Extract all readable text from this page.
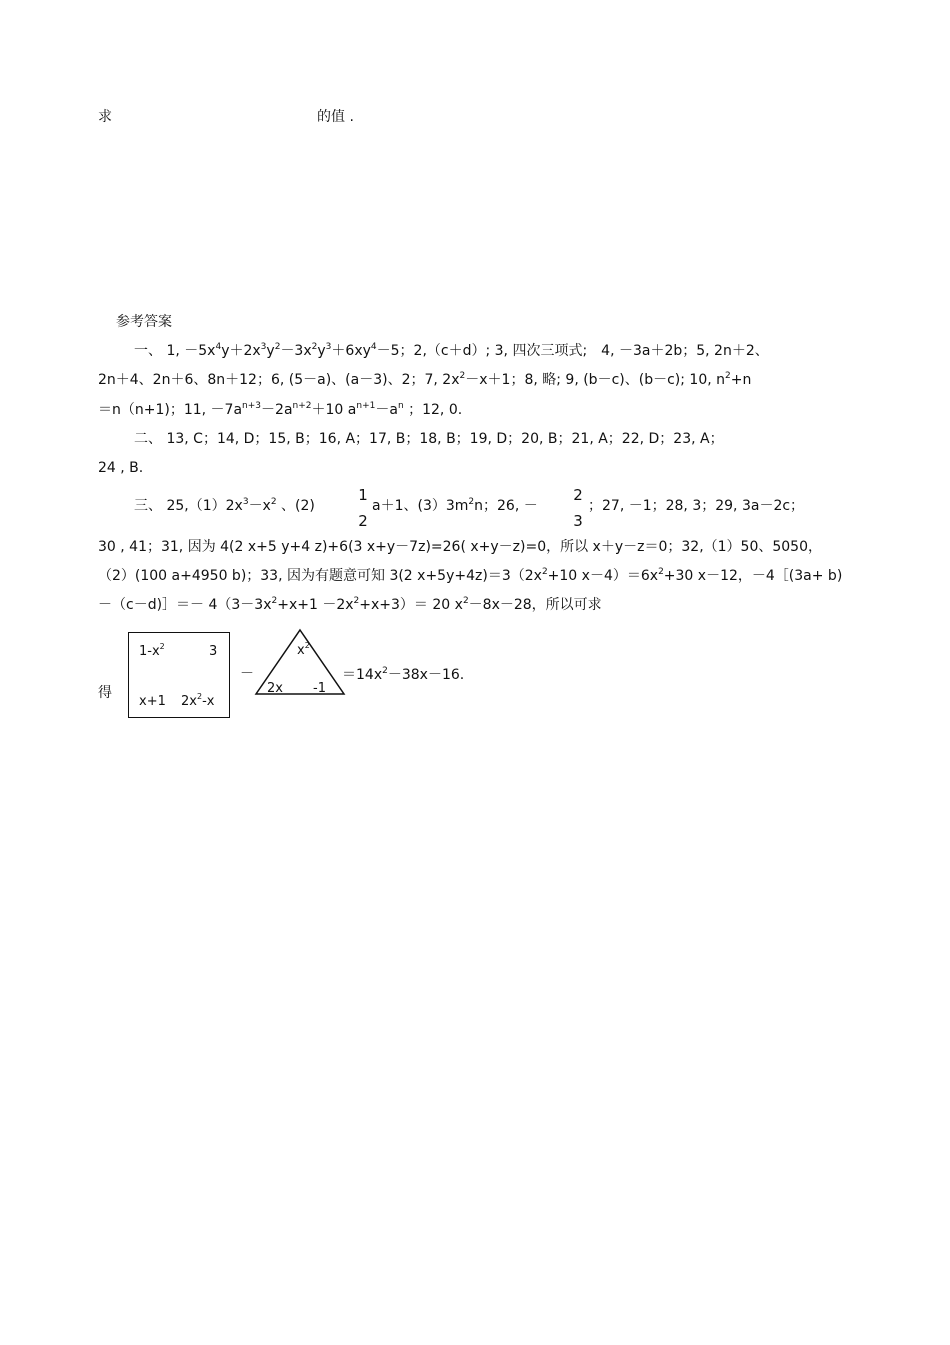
求	的值 .
参考答案
一、 1, $-5x^4y+2x^3y^2-3x^2y^3+6xy^4-5$；2,（c＋d）; 3, 四次三项式;　4, －3a＋2b；5, 2n＋2、
2n＋4、2n＋6、8n＋12；6, (5－a)、(a－3)、2；7, $2x^2-x+1$；8, 略; 9, (b－c)、(b－c); 10, $n^2+n$
＝n（n+1)；11, $-7a^{n+3}-2a^{n+2}+10$ $a^{n+1}-a^n$ ；12, 0.
二、 13, C；14, D；15, B；16, A；17, B；18, B；19, D；20, B；21, A；22, D；23, A；
24 , B.
三、 $25,(1)2x^3-x^2$ 、(2)
1
2
a＋1、$(3)3m^2n$；26, －
2
3
；27, －1；28, 3；29, 3a－2c；
30 , 41；31, 因为 4(2 x+5 y+4 z)+6(3 x+y－7z)=26( x+y－z)=0，所以 x＋y－z＝0；32,（1）50、5050，
（2）(100 a+4950 b)；33, 因为有题意可知 3(2 $x+5y+4z)=3(2x^2+10$ $x-4)=6x^2+30$ x－12，－4［(3a+ b)
－（c－d)］＝－ $4(3-3x^2+x+1 -2x^2+x+3)= 20$ $x^2-8x-28$，所以可求
得
$1-x^2$	3
x+1 $2x^2-x$
－
$x^2$
2x -1
$=14x^2-38x-16$.
